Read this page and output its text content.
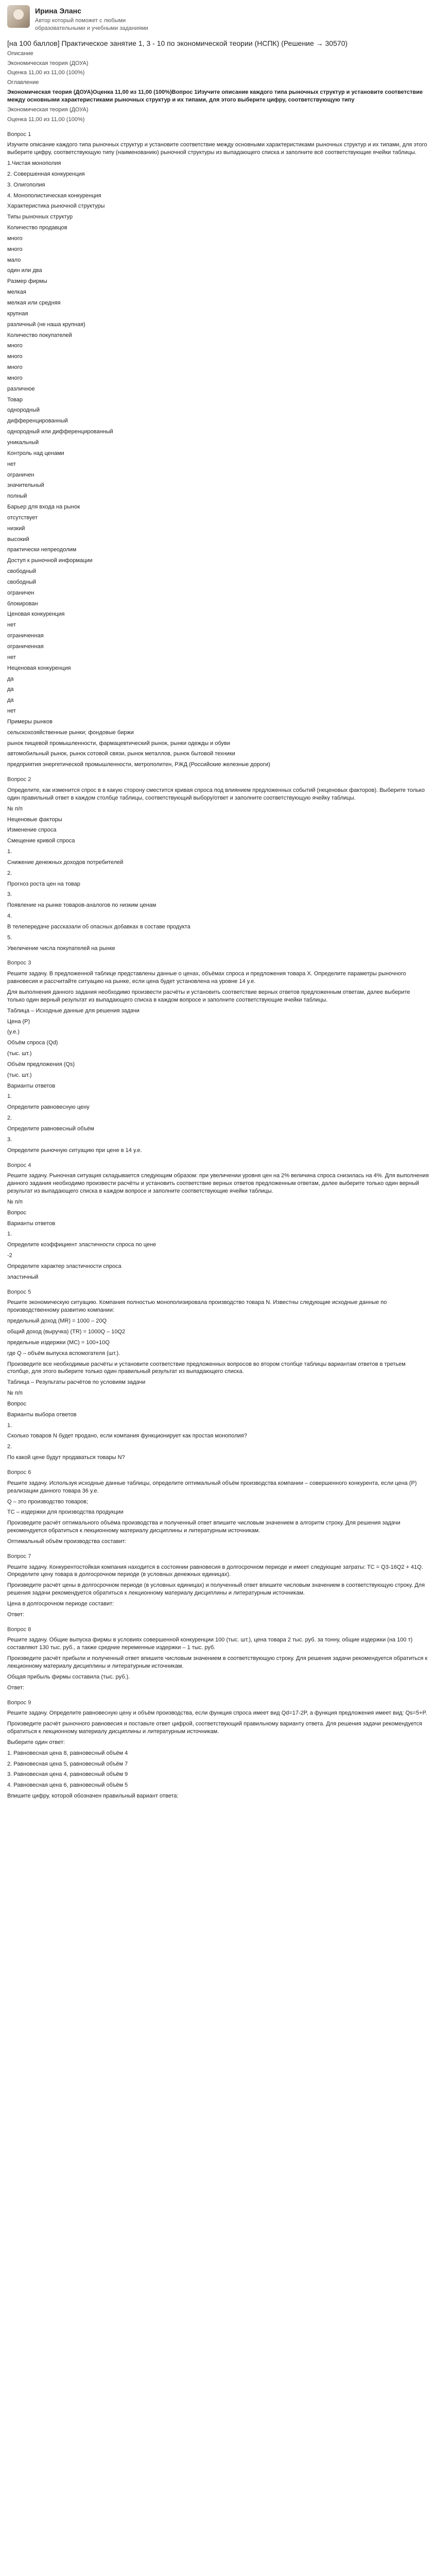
Ирина Эланс
Автор который поможет с любыми образовательными и учебными заданиями
[на 100 баллов] Практическое занятие 1, 3 - 10 по экономической теории (НСПК) (Решение → 30570)
Описание
Экономическая теория (ДОУА)
Оценка 11,00 из 11,00 (100%)
Оглавление
Экономическая теория (ДОУА)Оценка 11,00 из 11,00 (100%)Вопрос 1Изучите описание каждого типа рыночных структур и установите соответствие между основными характеристиками рыночных структур и их типами, для этого выберите цифру, соответствующую типу
Экономическая теория (ДОУА)
Оценка 11,00 из 11,00 (100%)
Вопрос 1
Изучите описание каждого типа рыночных структур и установите соответствие между основными характеристиками рыночных структур и их типами, для этого выберите цифру, соответствующую типу (наименованию) рыночной структуры из выпадающего списка и заполните всё соответствующие ячейки таблицы.
1.Чистая монополия
2. Совершенная конкуренция
3. Олигополия
4. Монополистическая конкуренция
Характеристика рыночной структуры
Типы рыночных структур
Количество продавцов
много
много
мало
один или два
Размер фирмы
мелкая
мелкая или средняя
крупная
различный (не наша крупная)
Количество покупателей
много
много
много
много
различное
Товар
однородный
дифференцированный
однородный или дифференцированный
уникальный
Контроль над ценами
нет
ограничен
значительный
полный
Барьер для входа на рынок
отсутствует
низкий
высокий
практически непреодолим
Доступ к рыночной информации
свободный
свободный
ограничен
блокирован
Ценовая конкуренция
нет
ограниченная
ограниченная
нет
Неценовая конкуренция
да
да
да
нет
Примеры рынков
сельскохозяйственные рынки; фондовые биржи
рынок пищевой промышленности, фармацевтический рынок, рынки одежды и обуви
автомобильный рынок, рынок сотовой связи, рынок металлов, рынок бытовой техники
предприятия энергетической промышленности, метрополитен, РЖД (Российские железные дороги)
Вопрос 2
Определите, как изменится спрос в в какую сторону сместится кривая спроса под влиянием предложенных событий (неценовых факторов). Выберите только один правильный ответ в каждом столбце таблицы, соответствующий выбору/ответ и заполните соответствующую ячейку таблицы.
№ п/п
Неценовые факторы
Изменение спроса
Смещение кривой спроса
1.
Снижение денежных доходов потребителей
2.
Прогноз роста цен на товар
3.
Появление на рынке товаров-аналогов по низким ценам
4.
В телепередаче рассказали об опасных добавках в составе продукта
5.
Увеличение числа покупателей на рынке
Вопрос 3
Решите задачу. В предложенной таблице представлены данные о ценах, объёмах спроса и предложения товара Х. Определите параметры рыночного равновесия и рассчитайте ситуацию на рынке, если цена будет установлена на уровне 14 у.е.
Для выполнения данного задания необходимо произвести расчёты и установить соответствие верных ответов предложенным ответам, далее выберите только один верный результат из выпадающего списка в каждом вопросе и заполните соответствующие ячейки таблицы.
Таблица – Исходные данные для решения задачи
Цена (Р)
(у.е.)
Объём спроса (Qd)
(тыс. шт.)
Объём предложения (Qs)
(тыс. шт.)
Варианты ответов
1.
Определите равновесную цену
2.
Определите равновесный объём
3.
Определите рыночную ситуацию при цене в 14 у.е.
Вопрос 4
Решите задачу. Рыночная ситуация складывается следующим образом: при увеличении уровня цен на 2% величина спроса снизилась на 4%. Для выполнения данного задания необходимо произвести расчёты и установить соответствие верных ответов предложенным ответам, далее выберите только один верный результат из выпадающего списка в каждом вопросе и заполните соответствующие ячейки таблицы.
№ п/п
Вопрос
Варианты ответов
1.
Определите коэффициент эластичности спроса по цене
-2
Определите характер эластичности спроса
эластичный
Вопрос 5
Решите экономическую ситуацию. Компания полностью монополизировала производство товара N. Известны следующие исходные данные по производственному развитию компании:
предельный доход (MR) = 1000 – 20Q
общий доход (выручка) (TR) = 1000Q – 10Q2
предельные издержки (MC) = 100+10Q
где Q – объём выпуска вспомогателя (шт.).
Произведите все необходимые расчёты и установите соответствие предложенных вопросов во втором столбце таблицы вариантам ответов в третьем столбце, для этого выберите только один правильный результат из выпадающего списка.
Таблица – Результаты расчётов по условиям задачи
№ п/п
Вопрос
Варианты выбора ответов
1.
Сколько товаров N будет продано, если компания функционирует как простая монополия?
2.
По какой цене будут продаваться товары N?
Вопрос 6
Решите задачу. Используя исходные данные таблицы, определите оптимальный объём производства компании – совершенного конкурента, если цена (P) реализации данного товара 36 у.е.
Q – это производство товаров;
TC – издержки для производства продукции
Произведите расчёт оптимального объёма производства и полученный ответ впишите числовым значением в алгоритм строку. Для решения задачи рекомендуется обратиться к лекционному материалу дисциплины и литературным источникам.
Оптимальный объём производства составит:
Вопрос 7
Решите задачу. Конкурентостойкая компания находится в состоянии равновесия в долгосрочном периоде и имеет следующие затраты: TC = Q3-16Q2 + 41Q. Определите цену товара в долгосрочном периоде (в условных денежных единицах).
Произведите расчёт цены в долгосрочном периоде (в условных единицах) и полученный ответ впишите числовым значением в соответствующую строку. Для решения задачи рекомендуется обратиться к лекционному материалу дисциплины и литературным источникам.
Цена в долгосрочном периоде составит:
Ответ:
Вопрос 8
Решите задачу. Общие выпуска фирмы в условиях совершенной конкуренции 100 (тыс. шт.), цена товара 2 тыс. руб. за тонну, общие издержки (на 100 т) составляют 130 тыс. руб., а также средние переменные издержки – 1 тыс. руб.
Произведите расчёт прибыли и полученный ответ впишите числовым значением в соответствующую строку. Для решения задачи рекомендуется обратиться к лекционному материалу дисциплины и литературным источникам.
Общая прибыль фирмы составила (тыс. руб.).
Ответ:
Вопрос 9
Решите задачу. Определите равновесную цену и объём производства, если функция спроса имеет вид Qd=17-2P, а функция предложения имеет вид: Qs=5+P.
Произведите расчёт рыночного равновесия и поставьте ответ цифрой, соответствующий правильному варианту ответа. Для решения задачи рекомендуется обратиться к лекционному материалу дисциплины и литературным источникам.
Выберите один ответ:
1. Равновесная цена 8, равновесный объём 4
2. Равновесная цена 5, равновесный объём 7
3. Равновесная цена 4, равновесный объём 9
4. Равновесная цена 6, равновесный объём 5
Впишите цифру, которой обозначен правильный вариант ответа:
